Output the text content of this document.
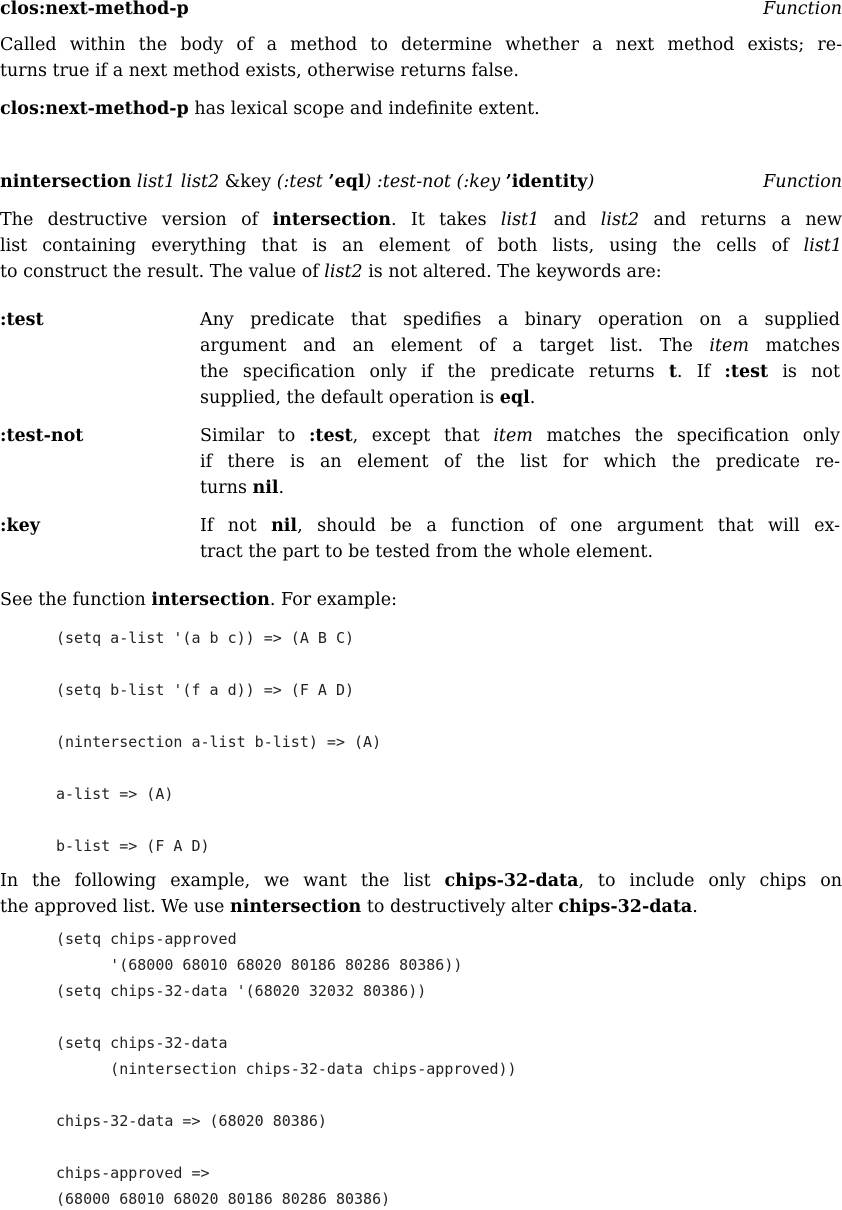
clos:next-method-p	Function
Called within the body of a method to determine whether a next method exists; re-
turns true if a next method exists, otherwise returns false.
clos:next-method-p has lexical scope and indefinite extent.
nintersection list1 list2 &key (:test ’eql) :test-not (:key ’identity)	Function
The destructive version of intersection. It takes list1 and list2 and returns a new
list containing everything that is an element of both lists, using the cells of list1
to construct the result. The value of list2 is not altered. The keywords are:
:test	Any predicate that spedifies a binary operation on a supplied
argument and an element of a target list. The item matches
the specification only if the predicate returns t. If :test is not
supplied, the default operation is eql.
:test-not	Similar to :test, except that item matches the specification only
if there is an element of the list for which the predicate re-
turns nil.
:key	If not nil, should be a function of one argument that will ex-
tract the part to be tested from the whole element.
See the function intersection. For example:
(setq a-list '(a b c)) => (A B C)
(setq b-list '(f a d)) => (F A D)
(nintersection a-list b-list) => (A)
a-list => (A)
b-list => (F A D)
In the following example, we want the list chips-32-data, to include only chips on
the approved list. We use nintersection to destructively alter chips-32-data.
(setq chips-approved
'(68000 68010 68020 80186 80286 80386))
(setq chips-32-data '(68020 32032 80386))
(setq chips-32-data
(nintersection chips-32-data chips-approved))
chips-32-data => (68020 80386)
chips-approved =>
(68000 68010 68020 80186 80286 80386)
